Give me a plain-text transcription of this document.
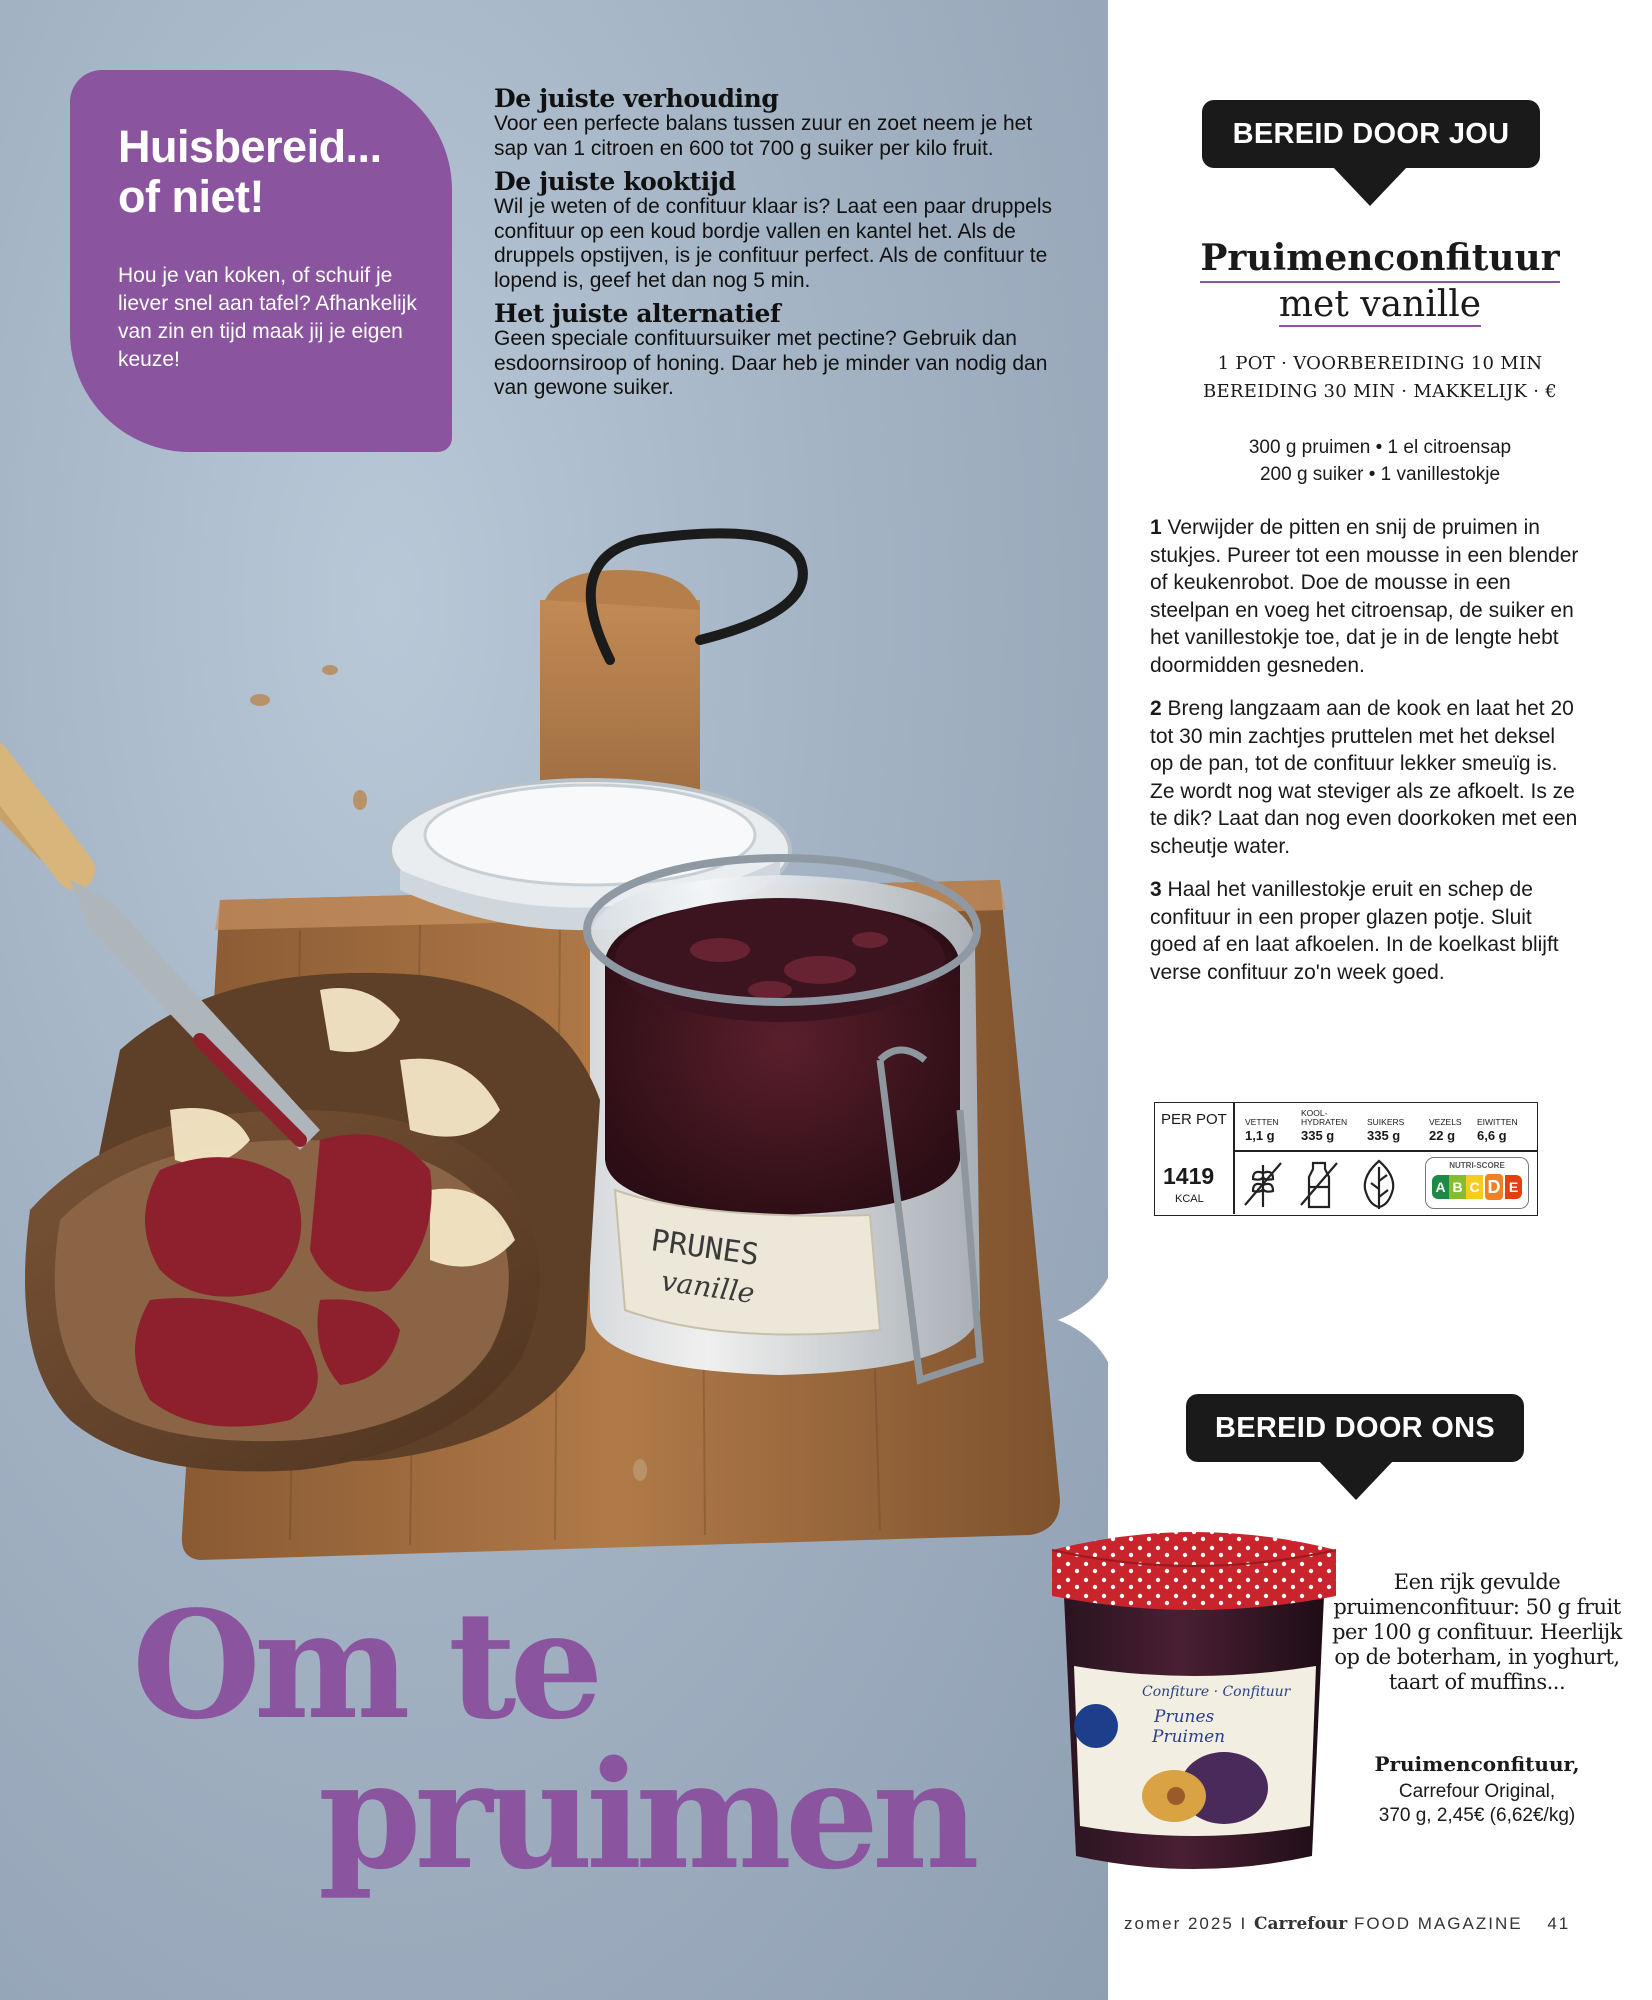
PRUNES
vanille
Huisbereid... of niet!

Hou je van koken, of schuif je liever snel aan tafel? Afhankelijk van zin en tijd maak jij je eigen keuze!

De juiste verhouding

Voor een perfecte balans tussen zuur en zoet neem je het sap van 1 citroen en 600 tot 700 g suiker per kilo fruit.

De juiste kooktijd

Wil je weten of de confituur klaar is? Laat een paar druppels confituur op een koud bordje vallen en kantel het. Als de druppels opstijven, is je confituur perfect. Als de confituur te lopend is, geef het dan nog 5 min.

Het juiste alternatief

Geen speciale confituursuiker met pectine? Gebruik dan esdoornsiroop of honing. Daar heb je minder van nodig dan van gewone suiker.

Om te
pruimen
BEREID DOOR JOU
Pruimenconfituur
met vanille
1 POT · VOORBEREIDING 10 MIN
BEREIDING 30 MIN · MAKKELIJK · €
300 g pruimen • 1 el citroensap
200 g suiker • 1 vanillestokje

1 Verwijder de pitten en snij de pruimen in stukjes. Pureer tot een mousse in een blender of keukenrobot. Doe de mousse in een steelpan en voeg het citroensap, de suiker en het vanillestokje toe, dat je in de lengte hebt doormidden gesneden.

2 Breng langzaam aan de kook en laat het 20 tot 30 min zachtjes pruttelen met het deksel op de pan, tot de confituur lekker smeuïg is. Ze wordt nog wat steviger als ze afkoelt. Is ze te dik? Laat dan nog even doorkoken met een scheutje water.

3 Haal het vanillestokje eruit en schep de confituur in een proper glazen potje. Sluit goed af en laat afkoelen. In de koelkast blijft verse confituur zo'n week goed.

PER POT
1419
KCAL
VETTEN
1,1 g
KOOL-HYDRATEN
335 g
SUIKERS
335 g
VEZELS
22 g
EIWITTEN
6,6 g
NUTRI-SCORE
A B C D E
BEREID DOOR ONS
Confiture · Confituur
Prunes
Pruimen
Een rijk gevulde pruimenconfituur: 50 g fruit per 100 g confituur. Heerlijk op de boterham, in yoghurt, taart of muffins...
Pruimenconfituur,
Carrefour Original,
370 g, 2,45€ (6,62€/kg)
zomer 2025 I Carrefour FOOD MAGAZINE 41
